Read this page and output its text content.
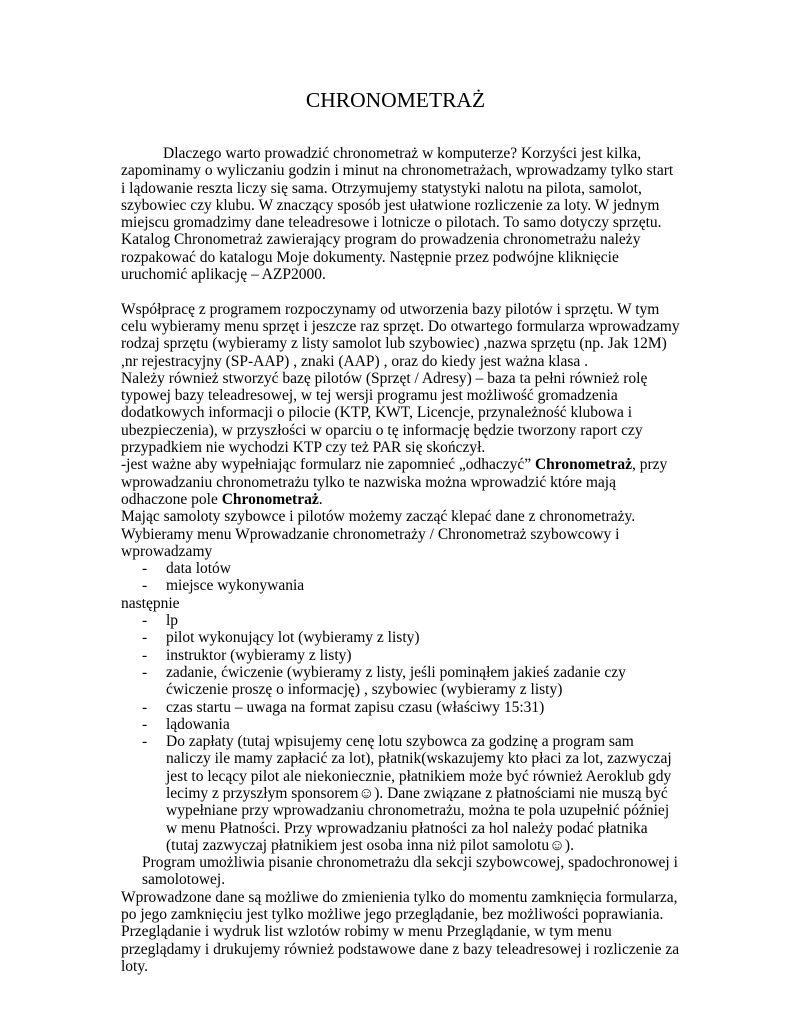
CHRONOMETRAŻ

Dlaczego warto prowadzić chronometraż w komputerze? Korzyści jest kilka, zapominamy o wyliczaniu godzin i minut na chronometrażach, wprowadzamy tylko start i lądowanie reszta liczy się sama. Otrzymujemy statystyki nalotu na pilota, samolot, szybowiec czy klubu. W znaczący sposób jest ułatwione rozliczenie za loty. W jednym miejscu gromadzimy dane teleadresowe i lotnicze o pilotach. To samo dotyczy sprzętu.

Katalog Chronometraż zawierający program do prowadzenia chronometrażu należy rozpakować do katalogu Moje dokumenty. Następnie przez podwójne kliknięcie uruchomić aplikację – AZP2000.

Współpracę z programem rozpoczynamy od utworzenia bazy pilotów i sprzętu. W tym celu wybieramy menu sprzęt i jeszcze raz sprzęt. Do otwartego formularza wprowadzamy rodzaj sprzętu (wybieramy z listy samolot lub szybowiec) ,nazwa sprzętu (np. Jak 12M) ,nr rejestracyjny (SP-AAP) , znaki (AAP) , oraz do kiedy jest ważna klasa .

Należy również stworzyć bazę pilotów (Sprzęt / Adresy) – baza ta pełni również rolę typowej bazy teleadresowej, w tej wersji programu jest możliwość gromadzenia dodatkowych informacji o pilocie (KTP, KWT, Licencje, przynależność klubowa i ubezpieczenia), w przyszłości w oparciu o tę informację będzie tworzony raport czy przypadkiem nie wychodzi KTP czy też PAR się skończył.

-jest ważne aby wypełniając formularz nie zapomnieć „odhaczyć” Chronometraż, przy wprowadzaniu chronometrażu tylko te nazwiska można wprowadzić które mają odhaczone pole Chronometraż.

Mając samoloty szybowce i pilotów możemy zacząć klepać dane z chronometraży.

Wybieramy menu Wprowadzanie chronometraży / Chronometraż szybowcowy i wprowadzamy

- data lotów
- miejsce wykonywania

następnie

- lp
- pilot wykonujący lot (wybieramy z listy)
- instruktor (wybieramy z listy)
- zadanie, ćwiczenie (wybieramy z listy, jeśli pominąłem jakieś zadanie czy ćwiczenie proszę o informację) , szybowiec (wybieramy z listy)
- czas startu – uwaga na format zapisu czasu (właściwy 15:31)
- lądowania
- Do zapłaty (tutaj wpisujemy cenę lotu szybowca za godzinę a program sam naliczy ile mamy zapłacić za lot), płatnik(wskazujemy kto płaci za lot, zazwyczaj jest to lecący pilot ale niekoniecznie, płatnikiem może być również Aeroklub gdy lecimy z przyszłym sponsorem☺). Dane związane z płatnościami nie muszą być wypełniane przy wprowadzaniu chronometrażu, można te pola uzupełnić później w menu Płatności. Przy wprowadzaniu płatności za hol należy podać płatnika (tutaj zazwyczaj płatnikiem jest osoba inna niż pilot samolotu☺).

Program umożliwia pisanie chronometrażu dla sekcji szybowcowej, spadochronowej i samolotowej.

Wprowadzone dane są możliwe do zmienienia tylko do momentu zamknięcia formularza, po jego zamknięciu jest tylko możliwe jego przeglądanie, bez możliwości poprawiania.

Przeglądanie i wydruk list wzlotów robimy w menu Przeglądanie, w tym menu przeglądamy i drukujemy również podstawowe dane z bazy teleadresowej i rozliczenie za loty.
